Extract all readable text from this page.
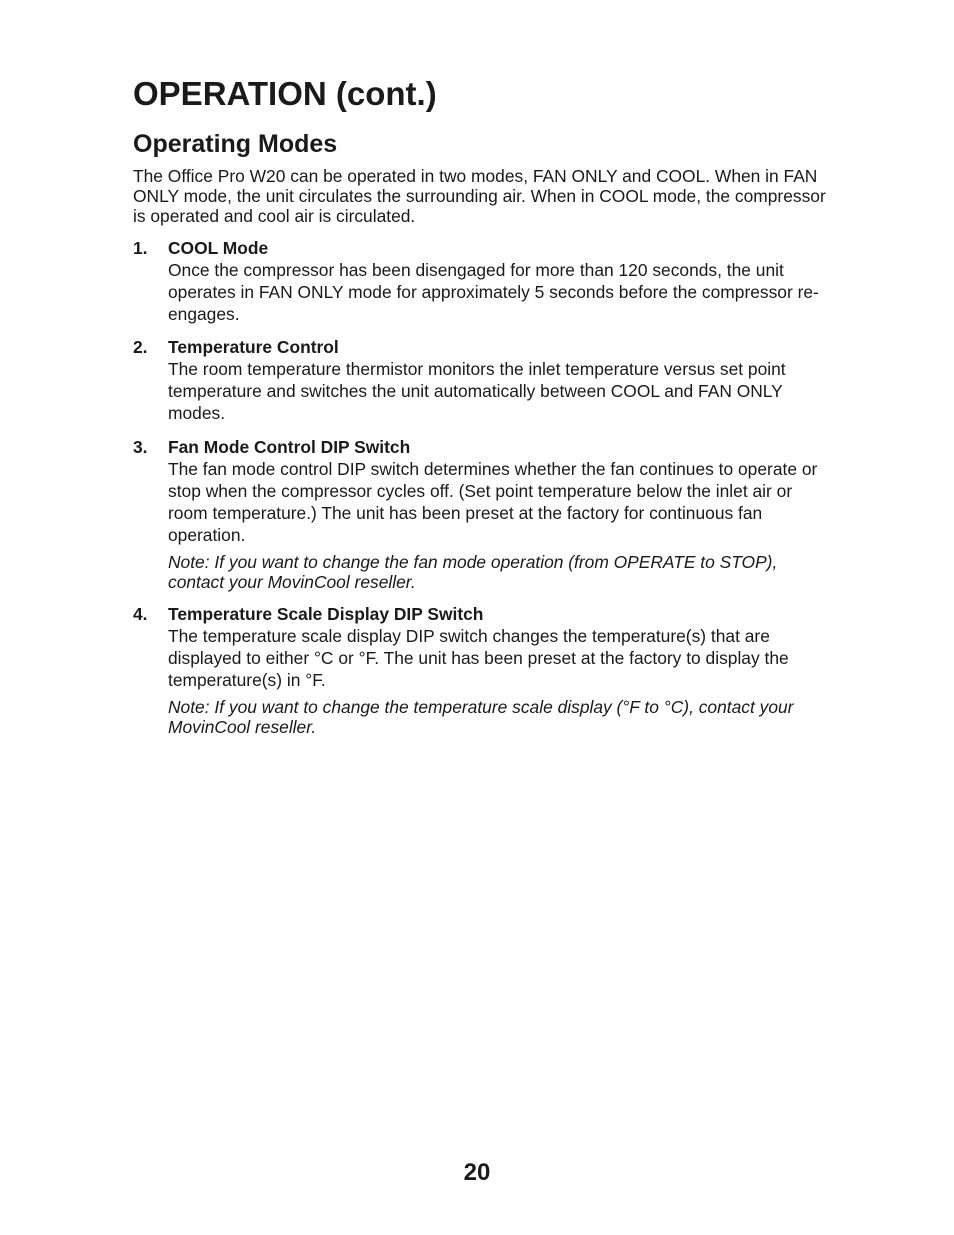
OPERATION (cont.)
Operating Modes

The Office Pro W20 can be operated in two modes, FAN ONLY and COOL. When in FAN ONLY mode, the unit circulates the surrounding air. When in COOL mode, the compressor is operated and cool air is circulated.

1. COOL Mode

Once the compressor has been disengaged for more than 120 seconds, the unit operates in FAN ONLY mode for approximately 5 seconds before the compressor re-engages.

2. Temperature Control

The room temperature thermistor monitors the inlet temperature versus set point temperature and switches the unit automatically between COOL and FAN ONLY modes.

3. Fan Mode Control DIP Switch

The fan mode control DIP switch determines whether the fan continues to operate or stop when the compressor cycles off. (Set point temperature below the inlet air or room temperature.) The unit has been preset at the factory for continuous fan operation.

Note: If you want to change the fan mode operation (from OPERATE to STOP), contact your MovinCool reseller.

4. Temperature Scale Display DIP Switch

The temperature scale display DIP switch changes the temperature(s) that are displayed to either °C or °F. The unit has been preset at the factory to display the temperature(s) in °F.

Note: If you want to change the temperature scale display (°F to °C), contact your MovinCool reseller.

20
